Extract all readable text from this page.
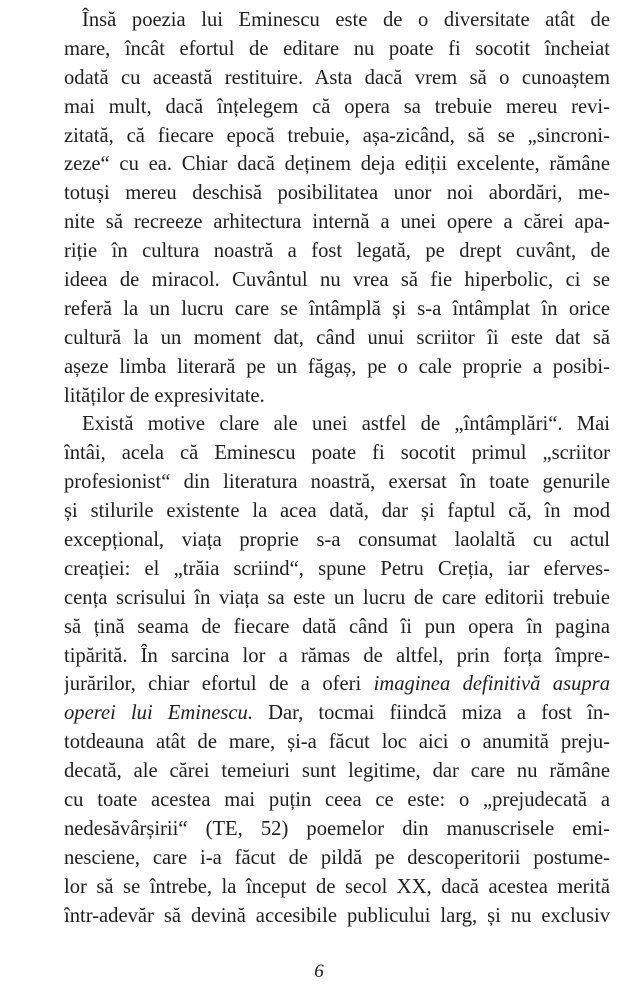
Însă poezia lui Eminescu este de o diversitate atât de
mare, încât efortul de editare nu poate fi socotit încheiat
odată cu această restituire. Asta dacă vrem să o cunoaștem
mai mult, dacă înțelegem că opera sa trebuie mereu revi-
zitată, că fiecare epocă trebuie, așa-zicând, să se „sincroni-
zeze“ cu ea. Chiar dacă deținem deja ediții excelente, rămâne
totuși mereu deschisă posibilitatea unor noi abordări, me-
nite să recreeze arhitectura internă a unei opere a cărei apa-
riție în cultura noastră a fost legată, pe drept cuvânt, de
ideea de miracol. Cuvântul nu vrea să fie hiperbolic, ci se
referă la un lucru care se întâmplă și s-a întâmplat în orice
cultură la un moment dat, când unui scriitor îi este dat să
așeze limba literară pe un făgaș, pe o cale proprie a posibi-
lităților de expresivitate.
Există motive clare ale unei astfel de „întâmplări“. Mai
întâi, acela că Eminescu poate fi socotit primul „scriitor
profesionist“ din literatura noastră, exersat în toate genurile
și stilurile existente la acea dată, dar și faptul că, în mod
excepțional, viața proprie s-a consumat laolaltă cu actul
creației: el „trăia scriind“, spune Petru Creția, iar eferves-
cența scrisului în viața sa este un lucru de care editorii trebuie
să țină seama de fiecare dată când îi pun opera în pagina
tipărită. În sarcina lor a rămas de altfel, prin forța împre-
jurărilor, chiar efortul de a oferi imaginea definitivă asupra
operei lui Eminescu. Dar, tocmai fiindcă miza a fost în-
totdeauna atât de mare, și-a făcut loc aici o anumită preju-
decată, ale cărei temeiuri sunt legitime, dar care nu rămâne
cu toate acestea mai puțin ceea ce este: o „prejudecată a
nedesăvârșirii“ (TE, 52) poemelor din manuscrisele emi-
nesciene, care i-a făcut de pildă pe descoperitorii postume-
lor să se întrebe, la început de secol XX, dacă acestea merită
într-adevăr să devină accesibile publicului larg, și nu exclusiv
6
